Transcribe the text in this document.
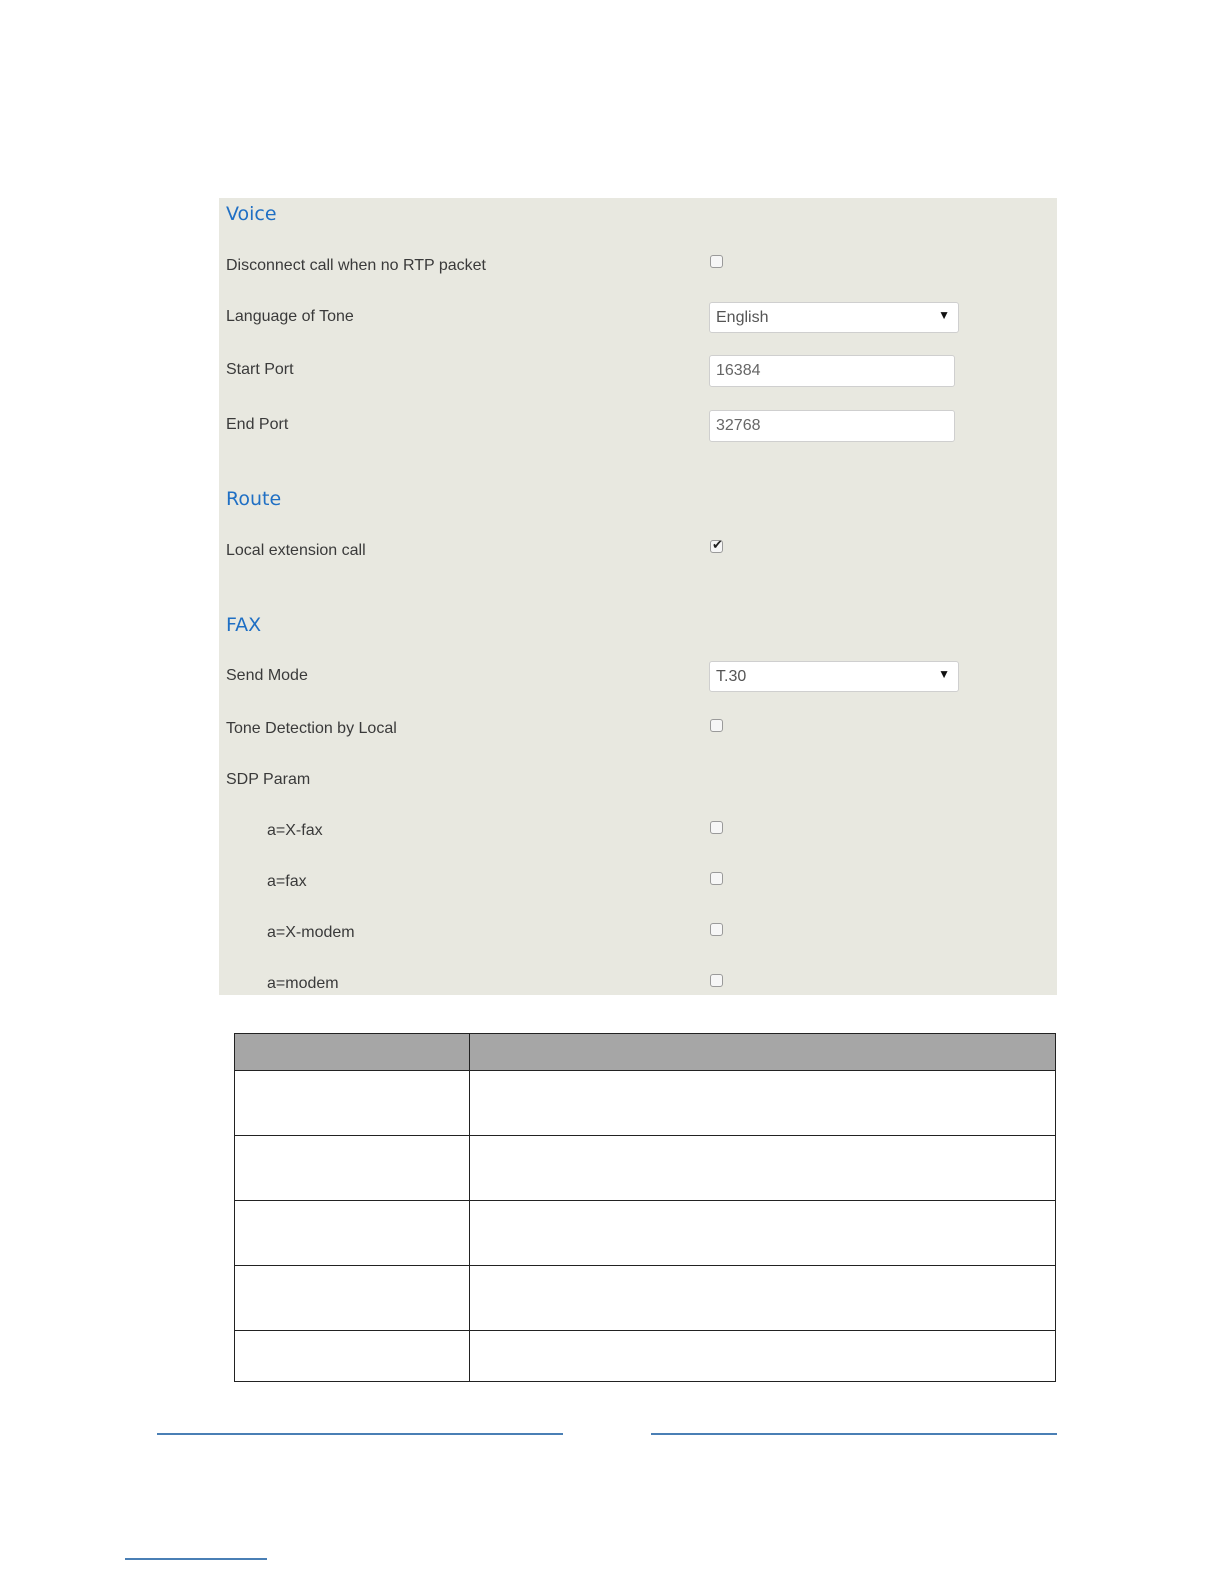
Voice
Disconnect call when no RTP packet
Language of Tone	English	▼
Start Port	16384
End Port	32768
Route
Local extension call	✔
FAX
Send Mode	T.30	▼
Tone Detection by Local
SDP Param
a=X-fax
a=fax
a=X-modem
a=modem
